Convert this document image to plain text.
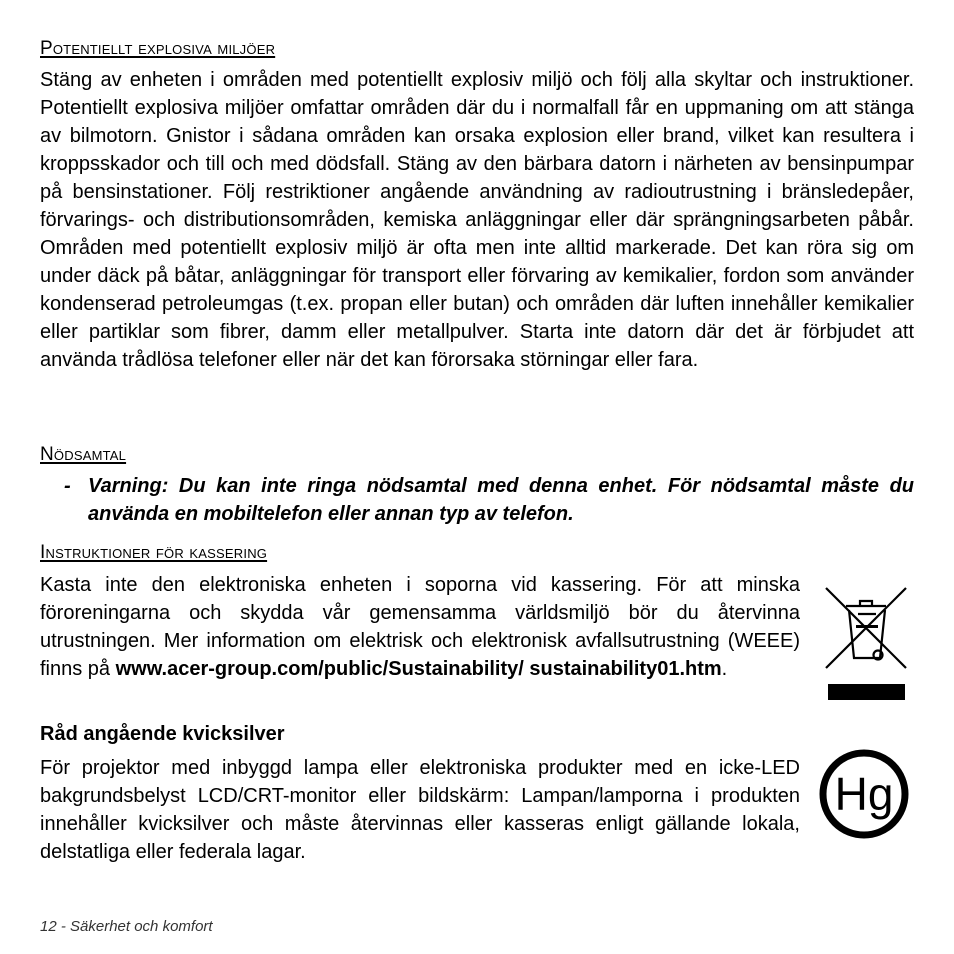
Potentiellt explosiva miljöer

Stäng av enheten i områden med potentiellt explosiv miljö och följ alla skyltar och instruktioner. Potentiellt explosiva miljöer omfattar områden där du i normalfall får en uppmaning om att stänga av bilmotorn. Gnistor i sådana områden kan orsaka explosion eller brand, vilket kan resultera i kroppsskador och till och med dödsfall. Stäng av den bärbara datorn i närheten av bensinpumpar på bensinstationer. Följ restriktioner angående användning av radioutrustning i bränsledepåer, förvarings- och distributionsområden, kemiska anläggningar eller där sprängningsarbeten påbår. Områden med potentiellt explosiv miljö är ofta men inte alltid markerade. Det kan röra sig om under däck på båtar, anläggningar för transport eller förvaring av kemikalier, fordon som använder kondenserad petroleumgas (t.ex. propan eller butan) och områden där luften innehåller kemikalier eller partiklar som fibrer, damm eller metallpulver. Starta inte datorn där det är förbjudet att använda trådlösa telefoner eller när det kan förorsaka störningar eller fara.

Nödsamtal
- Varning: Du kan inte ringa nödsamtal med denna enhet. För nödsamtal måste du använda en mobiltelefon eller annan typ av telefon.
Instruktioner för kassering

Kasta inte den elektroniska enheten i soporna vid kassering. För att minska föroreningarna och skydda vår gemensamma världsmiljö bör du återvinna utrustningen. Mer information om elektrisk och elektronisk avfallsutrustning (WEEE) finns på www.acer-group.com/public/Sustainability/ sustainability01.htm.

Råd angående kvicksilver

För projektor med inbyggd lampa eller elektroniska produkter med en icke-LED bakgrundsbelyst LCD/CRT-monitor eller bildskärm: Lampan/lamporna i produkten innehåller kvicksilver och måste återvinnas eller kasseras enligt gällande lokala, delstatliga eller federala lagar.

Hg
12 - Säkerhet och komfort
